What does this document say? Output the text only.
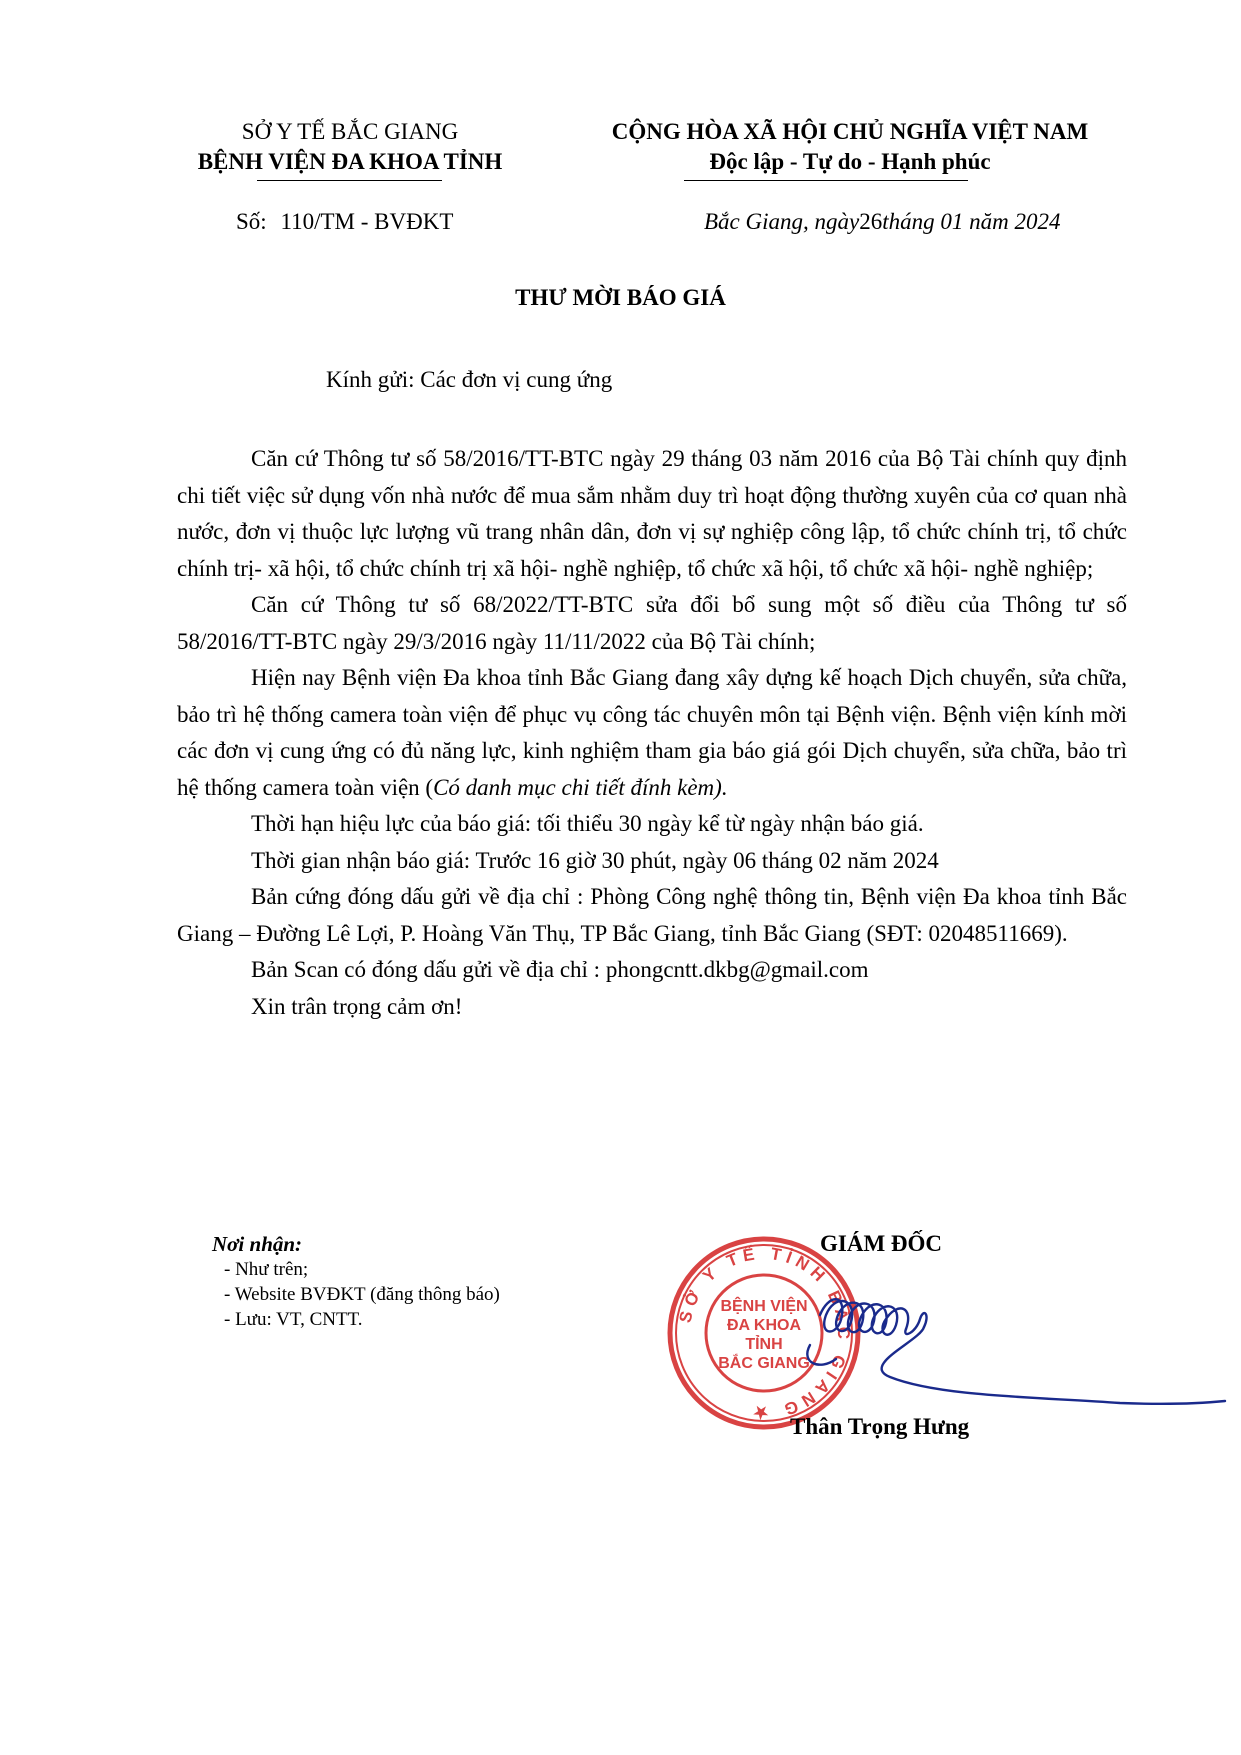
SỞ Y TẾ BẮC GIANG
BỆNH VIỆN ĐA KHOA TỈNH
CỘNG HÒA XÃ HỘI CHỦ NGHĨA VIỆT NAM
Độc lập - Tự do - Hạnh phúc
Số: 110/TM - BVĐKT	Bắc Giang, ngày26tháng 01 năm 2024
THƯ MỜI BÁO GIÁ
Kính gửi: Các đơn vị cung ứng

Căn cứ Thông tư số 58/2016/TT-BTC ngày 29 tháng 03 năm 2016 của Bộ Tài chính quy định chi tiết việc sử dụng vốn nhà nước để mua sắm nhằm duy trì hoạt động thường xuyên của cơ quan nhà nước, đơn vị thuộc lực lượng vũ trang nhân dân, đơn vị sự nghiệp công lập, tổ chức chính trị, tổ chức chính trị- xã hội, tổ chức chính trị xã hội- nghề nghiệp, tổ chức xã hội, tổ chức xã hội- nghề nghiệp;

Căn cứ Thông tư số 68/2022/TT-BTC sửa đổi bổ sung một số điều của Thông tư số 58/2016/TT-BTC ngày 29/3/2016 ngày 11/11/2022 của Bộ Tài chính;

Hiện nay Bệnh viện Đa khoa tỉnh Bắc Giang đang xây dựng kế hoạch Dịch chuyển, sửa chữa, bảo trì hệ thống camera toàn viện để phục vụ công tác chuyên môn tại Bệnh viện. Bệnh viện kính mời các đơn vị cung ứng có đủ năng lực, kinh nghiệm tham gia báo giá gói Dịch chuyển, sửa chữa, bảo trì hệ thống camera toàn viện (Có danh mục chi tiết đính kèm).

Thời hạn hiệu lực của báo giá: tối thiểu 30 ngày kể từ ngày nhận báo giá.

Thời gian nhận báo giá: Trước 16 giờ 30 phút, ngày 06 tháng 02 năm 2024

Bản cứng đóng dấu gửi về địa chỉ : Phòng Công nghệ thông tin, Bệnh viện Đa khoa tỉnh Bắc Giang – Đường Lê Lợi, P. Hoàng Văn Thụ, TP Bắc Giang, tỉnh Bắc Giang (SĐT: 02048511669).

Bản Scan có đóng dấu gửi về địa chỉ : phongcntt.dkbg@gmail.com

Xin trân trọng cảm ơn!

Nơi nhận:
- Như trên;
- Website BVĐKT (đăng thông báo)
- Lưu: VT, CNTT.
GIÁM ĐỐC
SỞ Y TẾ TỈNH BẮC GIANG ★
BỆNH VIỆN
ĐA KHOA
TỈNH
BẮC GIANG
Thân Trọng Hưng
